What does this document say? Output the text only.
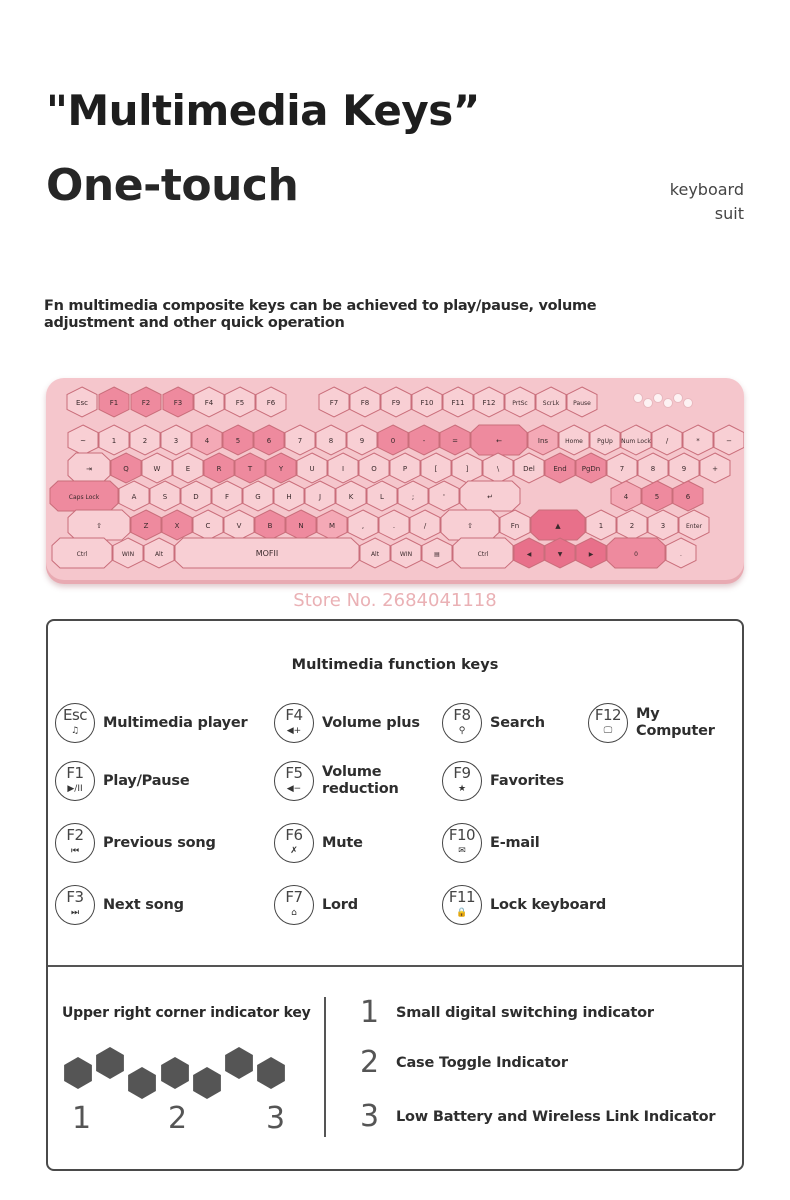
"Multimedia Keys”
One-touch	keyboard
suit
Fn multimedia composite keys can be achieved to play/pause, volume adjustment and other quick operation
Esc	F1	F2	F3	F4	F5	F6	F7	F8	F9	F10	F11	F12	PrtSc	ScrLk Pause
~	1	2	3	4	5	6	7	8	9	0	-	=	←	Ins	Home PgUp Num Lock /	*	−
⇥	Q	W	E	R	T	Y	U	I	O	P	[	]	\	Del	End PgDn	7	8	9	+
Caps Lock	A	S	D	F	G	H	J	K	L	;	'	↵	4	5	6
⇧	Z	X	C	V	B	N	M	,	.	/	⇧	Fn	▲	1	2	3	Enter
Ctrl	WIN	Alt	MOFII	Alt	WIN	▤	Ctrl	◀	▼	▶	0	.
Store No. 2684041118
Multimedia function keys
Esc
♫
Multimedia player
F1
▶/II
Play/Pause
F2
⏮
Previous song
F3
⏭
Next song
F4
◀+
Volume plus
F5
◀−
Volume reduction
F6
✗
Mute
F7
⌂
Lord
F8
⚲
Search
F9
★
Favorites
F10
✉
E-mail
F11
🔒
Lock keyboard
F12
🖵
My Computer
Upper right corner indicator key
1	2	3
1	Small digital switching indicator
2	Case Toggle Indicator
3	Low Battery and Wireless Link Indicator
